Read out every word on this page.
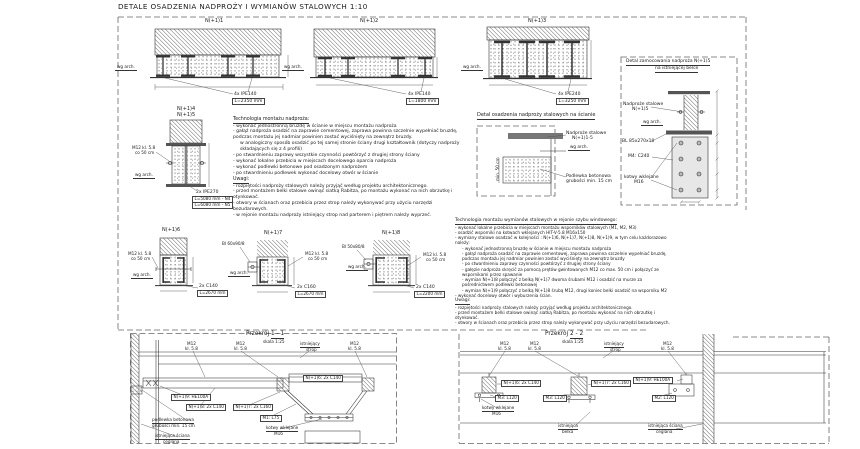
DETALE OSADZENIA NADPROŻY I WYMIANÓW STALOWYCH 1:10
N(+1)1	N(+1)2	N(+1)3
wg arch.	wg arch.	wg arch.
4x IPE140
L=2350 mm
4x IPE140
L=1800 mm
4x IPE240
L=3250 mm
N(+1)4
N(+1)5
M12 kl. 5.8
co 50 cm
wg arch.
2x IPE270
L=5080 mm - N4
L=6080 mm - N5
Technologia montażu nadproża:
- wykonać jednostronną bruzdę w ścianie w miejscu montażu nadproża
- gałąź nadproża osadzić na zaprawie cementowej, zaprawa powinna szczelnie wypełniać bruzdę, podczas montażu jej nadmiar powinien zostać wyciśnięty na zewnątrz bruzdy.
w analogiczny sposób osadzić po tej samej stronie ściany drugi kształtownik (dotyczy nadproży składających się z 4 profili)
- po stwardnieniu zaprawy wszystkie czynności powtórzyć z drugiej strony ściany
- wykonać lokalne przebicia w miejscach docelowego oparcia nadproża
- wykonać podlewki betonowe pod osadzonym nadprożem
- po stwardnieniu podlewek wykonać docelowy otwór w ścianie
Uwagi:
- rozpiętości nadproży stalowych należy przyjąć według projektu architektonicznego.
- przed montażem belki stalowe owinąć siatką Rabitza, po montażu wykonać na nich obrzutkę i otynkować.
- otwory w ścianach oraz przebicia przez strop należy wykonywać przy użyciu narzędzi bezudarowych.
- w rejonie montażu nadproży istniejący strop nad parterem i piętrem należy wyprzeć.
Detal osadzenia nadproży stalowych na ścianie
Nadproże stalowe
N(+1)1-5
wg arch.
Podlewka betonowa
grubości min. 15 cm
min. 50 cm
Detal zamocowania nadproża N(+1)5
na istniejącej belce
Nadproże stalowe
N(+1)5
wg arch.
BL 85x270x10
M4: C240
kotwy wklejane
M16
N(+1)6
M12 kl. 5.8
co 50 cm
wg arch.
2x C140
L=2670 mm
N(+1)7
Bl 60x90/8
M12 kl. 5.8
co 50 cm
wg arch.
2x C160
L=2670 mm
N(+1)8
Bl 50x80/8
M12 kl. 5.8
co 50 cm
wg arch.
2x C140
L=2200 mm
Technologia montażu wymianów stalowych w rejonie szybu windowego:
- wykonać lokalne przebicia w miejscach montażu wsporników stalowych (M1, M2, M3)
- osadzić wsporniki na kotwach wklejanych HIT-V-5.8 M16x150
- wymiany stalowe osadzać w kolejności : N(+1)6, N(+1)7, N(+1)8, N(+1)9, w tym celu każdorazowo należy:
- wykonać jednostronną bruzdę w ścianie w miejscu montażu nadproża
- gałąź nadproża osadzić na zaprawie cementowej, zaprawa powinna szczelnie wypełniać bruzdę, podczas montażu jej nadmiar powinien zostać wyciśnięty na zewnątrz bruzdy
- po stwardnieniu zaprawy czynności powtórzyć z drugiej strony ściany
- gałęzie nadproża skręcić za pomocą prętów gwintowanych M12 co max. 50 cm i połączyć ze wspornikami przez spawanie
- wymian N(+1)8 połączyć z belką N(+1)7 dwoma śrubami M12 i osadzić na murze za pośrednictwem podlewki betonowej
- wymian N(+1)9 połączyć z belką N(+1)8 śrubą M12, drugi koniec belki osadzić na wsporniku M2
- wykonać docelowy otwór i wyburzenia ścian.
Uwagi:
- rozpiętości nadproży stalowych należy przyjąć według projektu architektonicznego.
- przed montażem belki stalowe owinąć siatką Rabitza, po montażu wykonać na nich obrzutkę i otynkować.
- otwory w ścianach oraz przebicia przez strop należy wykonywać przy użyciu narzędzi bezudarowych.
Przekrój 1 - 1
skala 1:25
M12
kl. 5.8
M12
kl. 5.8
istniejący
strop
M12
kl. 5.8
N(+1)9: HE100A
N(+1)8: 2x C140	N(+1)7: 2x C160
N(+1)6: 2x C140
M1: L75
kotwy wklejane
M16
podlewka betonowa
grubości min. 15 cm
istniejąca ściana
ceglana
Przekrój 2 - 2
skala 1:25
M12
kl. 5.8
M12
kl. 5.8
istniejący
strop
M12
kl. 5.8
N(+1)6: 2x C140	N(+1)7: 2x C160
N(+1)9: HE100A
M3: L120	M3: L120	M2: L120
kotwy wklejane
M16
istniejąca
belka
istniejąca ściana
ceglana
